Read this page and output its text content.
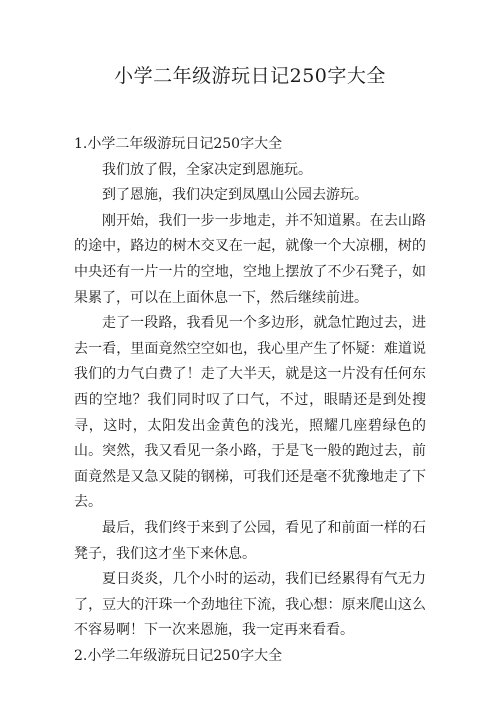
小学二年级游玩日记250字大全

1.小学二年级游玩日记250字大全

我们放了假，全家决定到恩施玩。

到了恩施，我们决定到凤凰山公园去游玩。

刚开始，我们一步一步地走，并不知道累。在去山路的途中，路边的树木交叉在一起，就像一个大凉棚，树的中央还有一片一片的空地，空地上摆放了不少石凳子，如果累了，可以在上面休息一下，然后继续前进。

走了一段路，我看见一个多边形，就急忙跑过去，进去一看，里面竟然空空如也，我心里产生了怀疑：难道说我们的力气白费了！走了大半天，就是这一片没有任何东西的空地？我们同时叹了口气，不过，眼睛还是到处搜寻，这时，太阳发出金黄色的浅光，照耀几座碧绿色的山。突然，我又看见一条小路，于是飞一般的跑过去，前面竟然是又急又陡的钢梯，可我们还是毫不犹豫地走了下去。

最后，我们终于来到了公园，看见了和前面一样的石凳子，我们这才坐下来休息。

夏日炎炎，几个小时的运动，我们已经累得有气无力了，豆大的汗珠一个劲地往下流，我心想：原来爬山这么不容易啊！下一次来恩施，我一定再来看看。

2.小学二年级游玩日记250字大全
